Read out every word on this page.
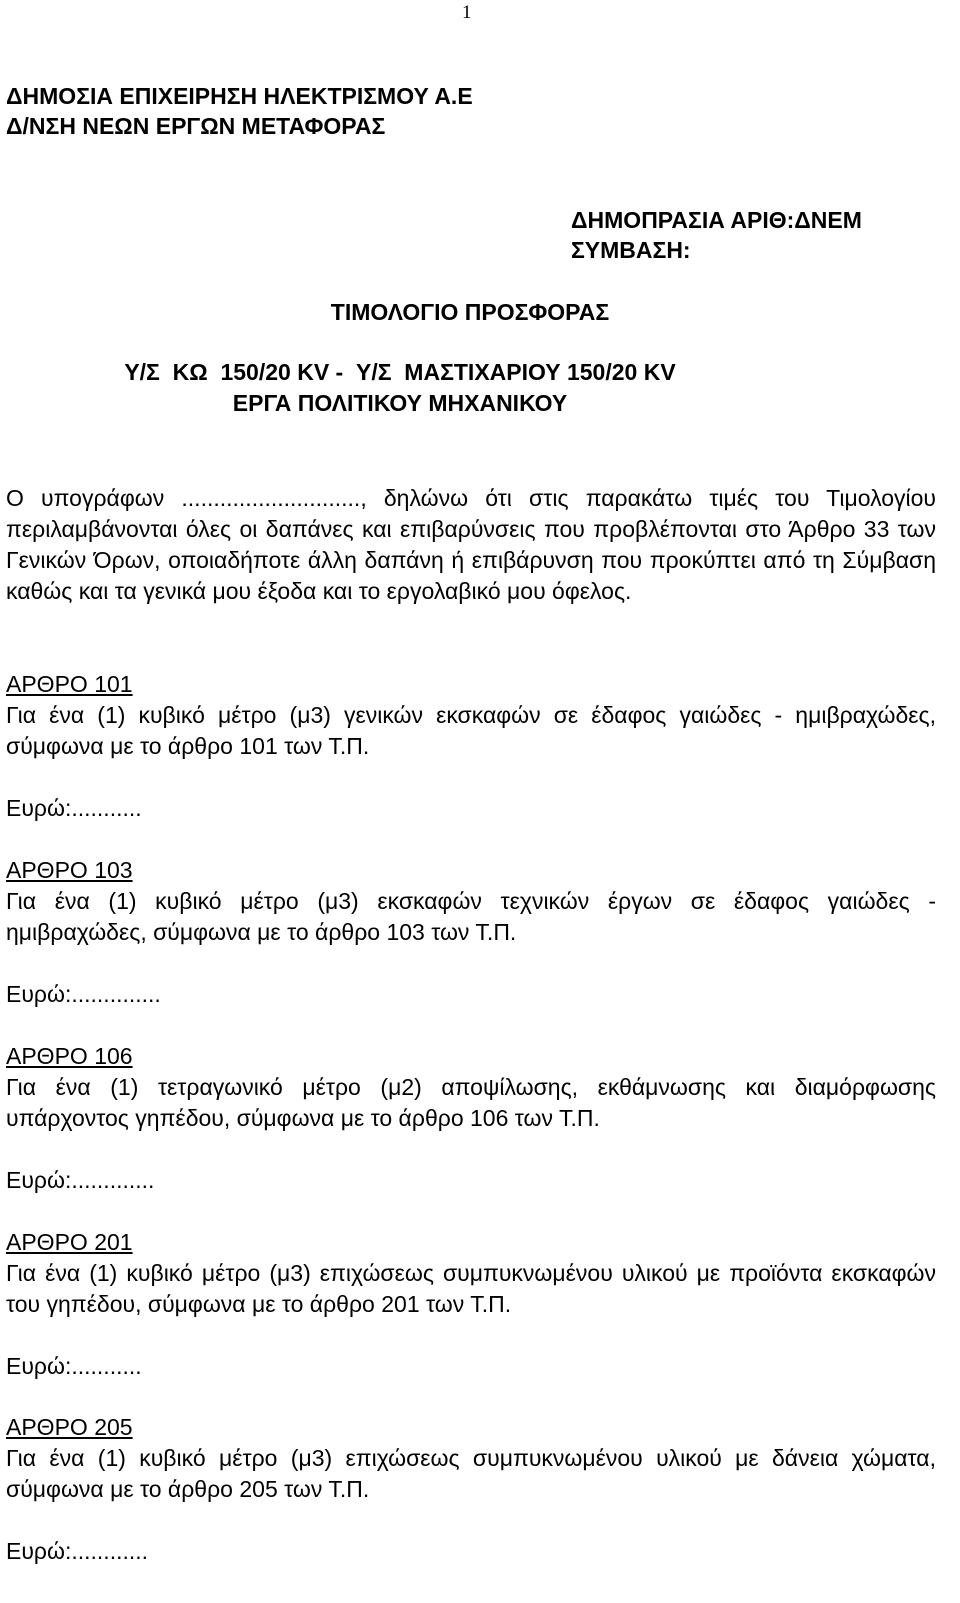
1
ΔΗΜΟΣΙΑ ΕΠΙΧΕΙΡΗΣΗ ΗΛΕΚΤΡΙΣΜΟΥ Α.Ε
Δ/ΝΣΗ ΝΕΩΝ ΕΡΓΩΝ ΜΕΤΑΦΟΡΑΣ
ΔΗΜΟΠΡΑΣΙΑ ΑΡΙΘ:ΔΝΕΜ
ΣΥΜΒΑΣΗ:
ΤΙΜΟΛΟΓΙΟ ΠΡΟΣΦΟΡΑΣ
Υ/Σ  ΚΩ  150/20 KV -  Υ/Σ  ΜΑΣΤΙΧΑΡΙΟΥ 150/20 KV
ΕΡΓΑ ΠΟΛΙΤΙΚΟΥ ΜΗΧΑΝΙΚΟΥ

Ο υπογράφων ............................, δηλώνω ότι στις παρακάτω τιμές του Τιμολογίου περιλαμβάνονται όλες οι δαπάνες και επιβαρύνσεις που προβλέπονται στο Άρθρο 33 των Γενικών Όρων, οποιαδήποτε άλλη δαπάνη ή επιβάρυνση που προκύπτει από τη Σύμβαση καθώς και τα γενικά μου έξοδα και το εργολαβικό μου όφελος.

ΑΡΘΡΟ 101

Για ένα (1) κυβικό μέτρο (μ3) γενικών εκσκαφών σε έδαφος γαιώδες - ημιβραχώδες, σύμφωνα με το άρθρο 101 των Τ.Π.

Ευρώ:...........
ΑΡΘΡΟ 103

Για ένα (1) κυβικό μέτρο (μ3) εκσκαφών τεχνικών έργων σε έδαφος γαιώδες - ημιβραχώδες, σύμφωνα με το άρθρο 103 των Τ.Π.

Ευρώ:..............
ΑΡΘΡΟ 106

Για ένα (1) τετραγωνικό μέτρο (μ2) αποψίλωσης, εκθάμνωσης και διαμόρφωσης υπάρχοντος γηπέδου, σύμφωνα με το άρθρο 106 των Τ.Π.

Ευρώ:.............
ΑΡΘΡΟ 201

Για ένα (1) κυβικό μέτρο (μ3) επιχώσεως συμπυκνωμένου υλικού με προϊόντα εκσκαφών του γηπέδου, σύμφωνα με το άρθρο 201 των Τ.Π.

Ευρώ:...........
ΑΡΘΡΟ 205

Για ένα (1) κυβικό μέτρο (μ3) επιχώσεως συμπυκνωμένου υλικού με δάνεια χώματα, σύμφωνα με το άρθρο 205 των Τ.Π.

Ευρώ:............
